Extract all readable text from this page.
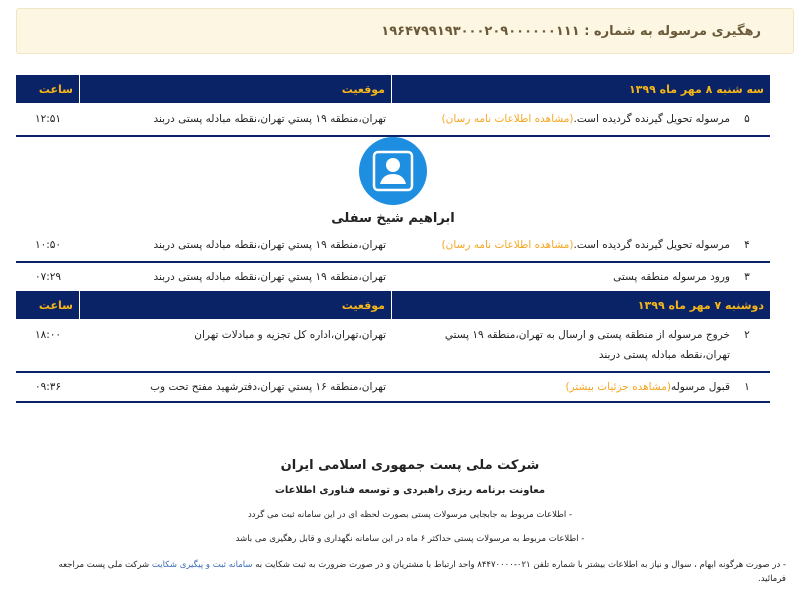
رهگیری مرسوله به شماره :

۱۹۶۴۷۹۹۱۹۳۰۰۰۲۰۹۰۰۰۰۰۰۱۱۱
سه شنبه ۸ مهر ماه ۱۳۹۹
موقعیت
ساعت
۵
مرسوله تحویل گیرنده گردیده است.(مشاهده اطلاعات نامه رسان)
تهران،منطقه ۱۹ پستي تهران،نقطه مبادله پستی دربند
۱۲:۵۱
ابراهیم شیخ سفلی
۴
مرسوله تحویل گیرنده گردیده است.(مشاهده اطلاعات نامه رسان)
تهران،منطقه ۱۹ پستي تهران،نقطه مبادله پستی دربند
۱۰:۵۰
۳
ورود مرسوله منطقه پستی
تهران،منطقه ۱۹ پستي تهران،نقطه مبادله پستی دربند
۰۷:۲۹
دوشنبه ۷ مهر ماه ۱۳۹۹
موقعیت
ساعت
۲
خروج مرسوله از منطقه پستی و ارسال به تهران،منطقه ۱۹ پستي تهران،نقطه مبادله پستی دربند
تهران،تهران،اداره کل تجزیه و مبادلات تهران
۱۸:۰۰
۱
قبول مرسوله(مشاهده جزئیات بیشتر)
تهران،منطقه ۱۶ پستي تهران،دفترشهید مفتح تحت وب
۰۹:۳۶
شرکت ملی پست جمهوری اسلامی ایران
معاونت برنامه ریزی راهبردی و توسعه فناوری اطلاعات
- اطلاعات مربوط به جابجایی مرسولات پستی بصورت لحظه ای در این سامانه ثبت می گردد
- اطلاعات مربوط به مرسولات پستی حداکثر ۶ ماه در این سامانه نگهداری و قابل رهگیری می باشد
- در صورت هرگونه ابهام ، سوال و نیاز به اطلاعات بیشتر با شماره تلفن ۰۲۱-۸۴۴۷۰۰۰۰ واحد ارتباط با مشتریان و در صورت ضرورت به ثبت شکایت به سامانه ثبت و پیگیری شکایت شرکت ملی پست مراجعه فرمائید.
